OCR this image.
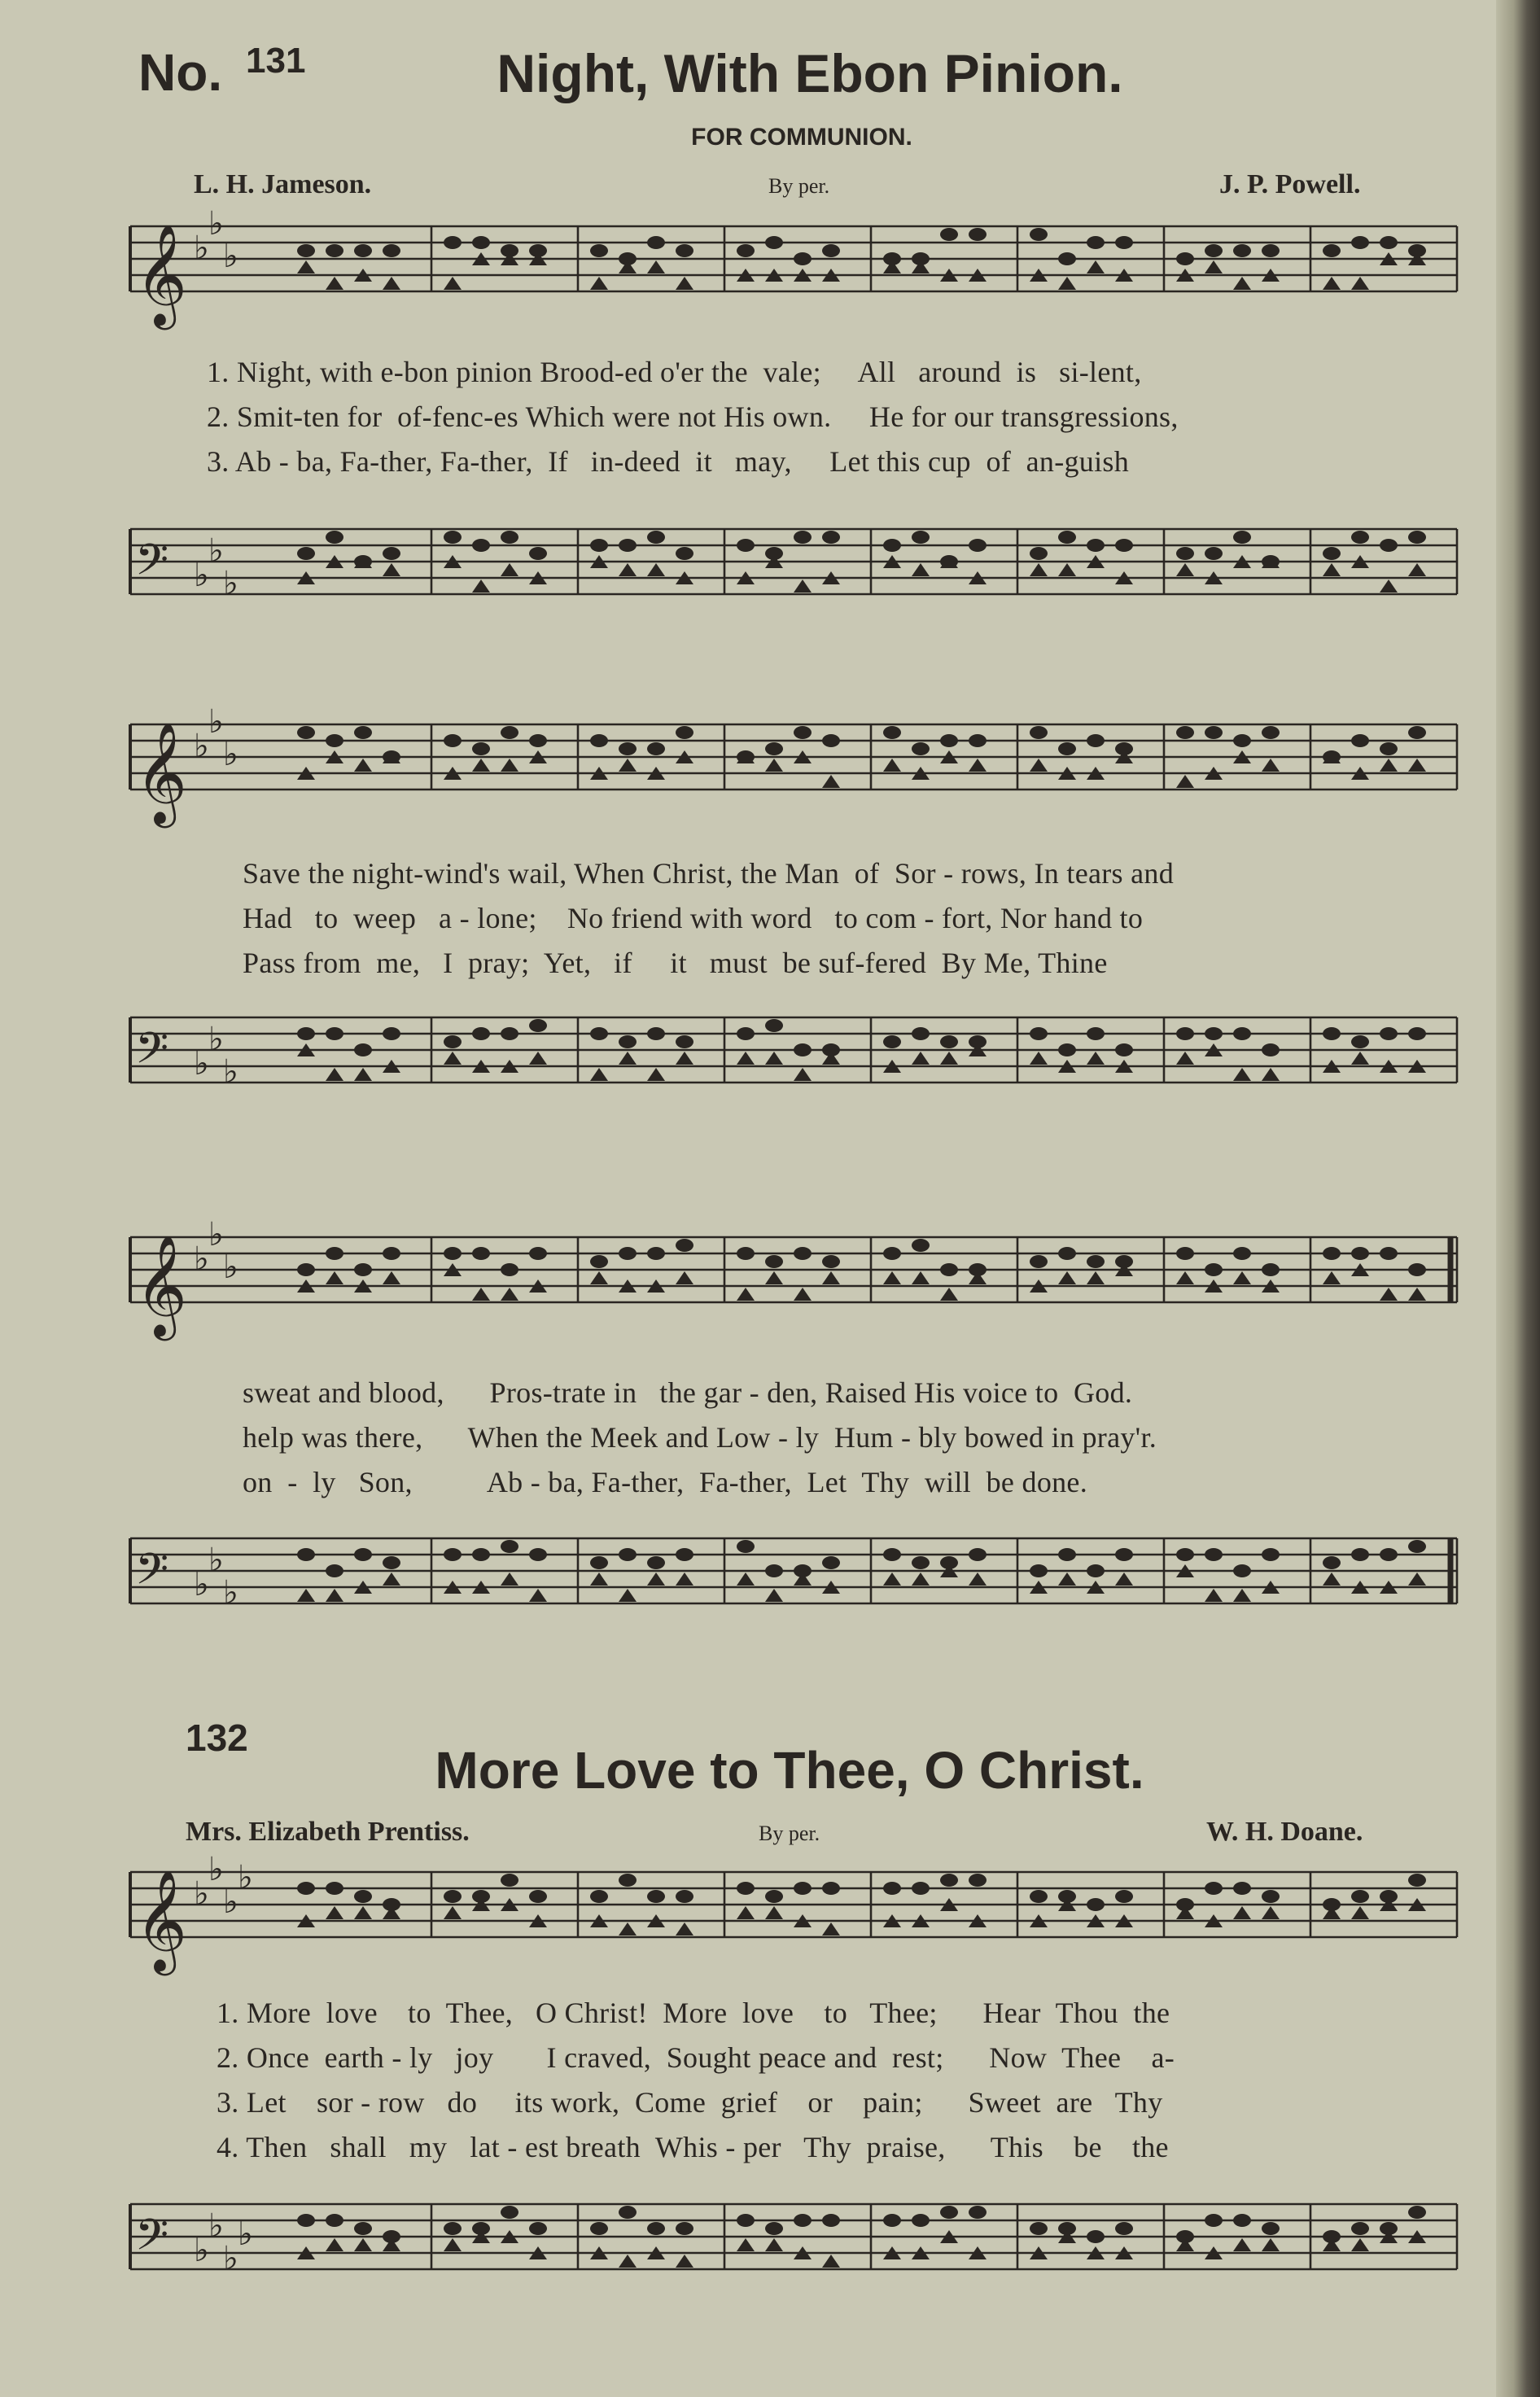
No. 131	Night, With Ebon Pinion.
FOR COMMUNION.
L. H. Jameson.	By per.	J. P. Powell.
𝄞 ♭
♭
♭
1. Night, with e-bon pinion Brood-ed o'er the  vale;     All   around  is   si-lent,
2. Smit-ten for  of-fenc-es Which were not His own.     He for our transgressions,
3. Ab - ba, Fa-ther, Fa-ther,  If   in-deed  it   may,     Let this cup  of  an-guish
𝄢 ♭
♭
♭
𝄞 ♭
♭
♭
Save the night-wind's wail, When Christ, the Man  of  Sor - rows, In tears and
Had   to  weep   a - lone;    No friend with word   to com - fort, Nor hand to
Pass from  me,   I  pray;  Yet,   if     it   must  be suf-fered  By Me, Thine
𝄢 ♭
♭
♭
𝄞 ♭
♭
♭
sweat and blood,      Pros-trate in   the gar - den, Raised His voice to  God.
help was there,      When the Meek and Low - ly  Hum - bly bowed in pray'r.
on  -  ly   Son,          Ab - ba, Fa-ther,  Fa-ther,  Let  Thy  will  be done.
𝄢 ♭
♭
♭
132
More Love to Thee, O Christ.
Mrs. Elizabeth Prentiss.	By per.	W. H. Doane.
𝄞 ♭
♭
♭
♭
1. More  love    to  Thee,   O Christ!  More  love    to   Thee;      Hear  Thou  the
2. Once  earth - ly   joy       I craved,  Sought peace and  rest;      Now  Thee    a-
3. Let    sor - row   do     its work,  Come  grief    or    pain;      Sweet  are   Thy
4. Then   shall   my   lat - est breath  Whis - per   Thy  praise,      This    be    the
𝄢 ♭
♭
♭
♭
